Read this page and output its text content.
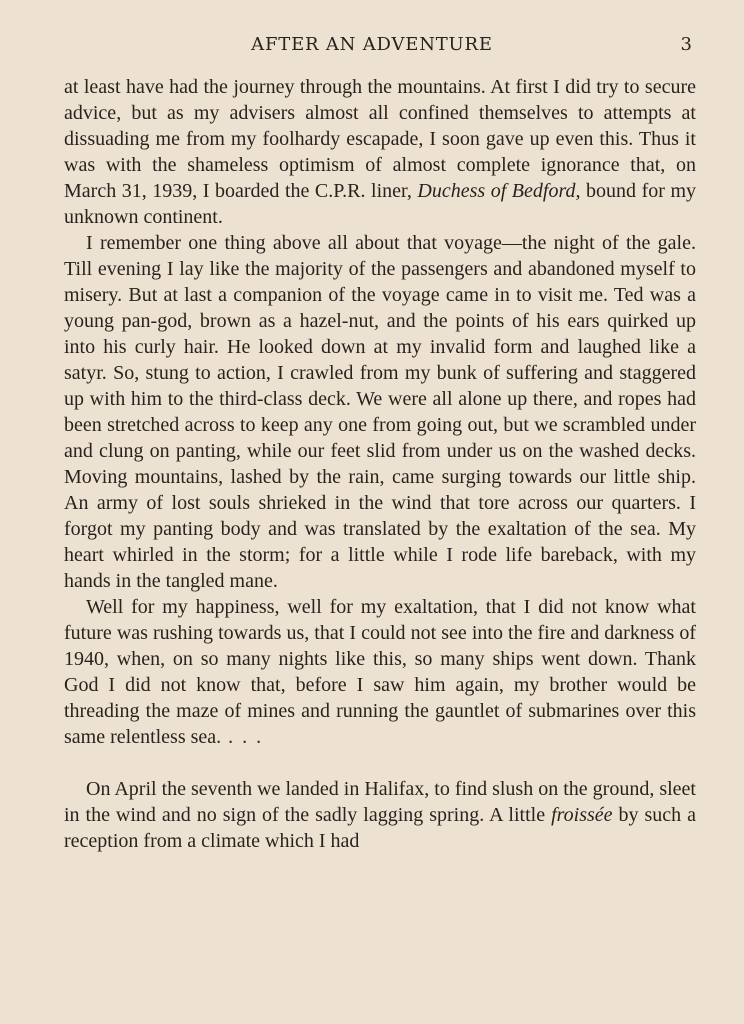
AFTER AN ADVENTURE	3

at least have had the journey through the mountains. At first I did try to secure advice, but as my advisers almost all confined themselves to attempts at dissuading me from my foolhardy escapade, I soon gave up even this. Thus it was with the shameless optimism of almost complete ignorance that, on March 31, 1939, I boarded the C.P.R. liner, Duchess of Bedford, bound for my unknown continent.

I remember one thing above all about that voyage—the night of the gale. Till evening I lay like the majority of the passengers and abandoned myself to misery. But at last a companion of the voyage came in to visit me. Ted was a young pan-god, brown as a hazel-nut, and the points of his ears quirked up into his curly hair. He looked down at my invalid form and laughed like a satyr. So, stung to action, I crawled from my bunk of suffering and staggered up with him to the third-class deck. We were all alone up there, and ropes had been stretched across to keep any one from going out, but we scrambled under and clung on panting, while our feet slid from under us on the washed decks. Moving mountains, lashed by the rain, came surging towards our little ship. An army of lost souls shrieked in the wind that tore across our quarters. I forgot my panting body and was translated by the exaltation of the sea. My heart whirled in the storm; for a little while I rode life bareback, with my hands in the tangled mane.

Well for my happiness, well for my exaltation, that I did not know what future was rushing towards us, that I could not see into the fire and darkness of 1940, when, on so many nights like this, so many ships went down. Thank God I did not know that, before I saw him again, my brother would be threading the maze of mines and running the gauntlet of submarines over this same relentless sea. . . .

On April the seventh we landed in Halifax, to find slush on the ground, sleet in the wind and no sign of the sadly lagging spring. A little froissée by such a reception from a climate which I had
